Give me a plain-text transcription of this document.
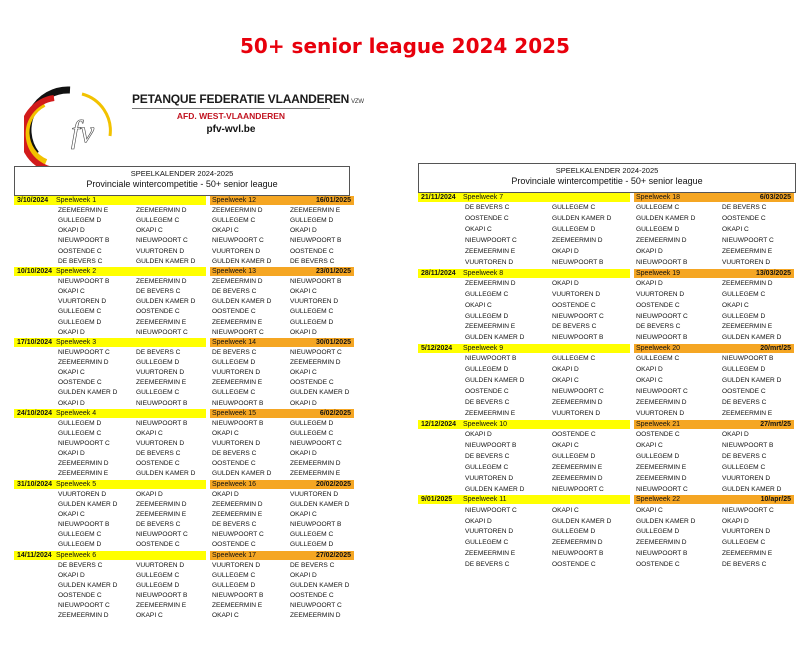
50+ senior league 2024 2025
fv
PETANQUE FEDERATIE VLAANDEREN VZW
AFD. WEST-VLAANDEREN
pfv-wvl.be
SPEELKALENDER 2024-2025
Provinciale wintercompetitie - 50+ senior league
3/10/2024 Speelweek 1	Speelweek 12	16/01/2025
ZEEMEERMIN E	ZEEMEERMIN D	ZEEMEERMIN D	ZEEMEERMIN E
GULLEGEM D	GULLEGEM C	GULLEGEM C	GULLEGEM D
OKAPI D	OKAPI C	OKAPI C	OKAPI D
NIEUWPOORT B	NIEUWPOORT C	NIEUWPOORT C	NIEUWPOORT B
OOSTENDE C	VUURTOREN D	VUURTOREN D	OOSTENDE C
DE BEVERS C	GULDEN KAMER D	GULDEN KAMER D	DE BEVERS C
10/10/2024 Speelweek 2	Speelweek 13	23/01/2025
NIEUWPOORT B	ZEEMEERMIN D	ZEEMEERMIN D	NIEUWPOORT B
OKAPI C	DE BEVERS C	DE BEVERS C	OKAPI C
VUURTOREN D	GULDEN KAMER D	GULDEN KAMER D	VUURTOREN D
GULLEGEM C	OOSTENDE C	OOSTENDE C	GULLEGEM C
GULLEGEM D	ZEEMEERMIN E	ZEEMEERMIN E	GULLEGEM D
OKAPI D	NIEUWPOORT C	NIEUWPOORT C	OKAPI D
17/10/2024 Speelweek 3	Speelweek 14	30/01/2025
NIEUWPOORT C	DE BEVERS C	DE BEVERS C	NIEUWPOORT C
ZEEMEERMIN D	GULLEGEM D	GULLEGEM D	ZEEMEERMIN D
OKAPI C	VUURTOREN D	VUURTOREN D	OKAPI C
OOSTENDE C	ZEEMEERMIN E	ZEEMEERMIN E	OOSTENDE C
GULDEN KAMER D	GULLEGEM C	GULLEGEM C	GULDEN KAMER D
OKAPI D	NIEUWPOORT B	NIEUWPOORT B	OKAPI D
24/10/2024 Speelweek 4	Speelweek 15	6/02/2025
GULLEGEM D	NIEUWPOORT B	NIEUWPOORT B	GULLEGEM D
GULLEGEM C	OKAPI C	OKAPI C	GULLEGEM C
NIEUWPOORT C	VUURTOREN D	VUURTOREN D	NIEUWPOORT C
OKAPI D	DE BEVERS C	DE BEVERS C	OKAPI D
ZEEMEERMIN D	OOSTENDE C	OOSTENDE C	ZEEMEERMIN D
ZEEMEERMIN E	GULDEN KAMER D	GULDEN KAMER D	ZEEMEERMIN E
31/10/2024 Speelweek 5	Speelweek 16	20/02/2025
VUURTOREN D	OKAPI D	OKAPI D	VUURTOREN D
GULDEN KAMER D	ZEEMEERMIN D	ZEEMEERMIN D	GULDEN KAMER D
OKAPI C	ZEEMEERMIN E	ZEEMEERMIN E	OKAPI C
NIEUWPOORT B	DE BEVERS C	DE BEVERS C	NIEUWPOORT B
GULLEGEM C	NIEUWPOORT C	NIEUWPOORT C	GULLEGEM C
GULLEGEM D	OOSTENDE C	OOSTENDE C	GULLEGEM D
14/11/2024 Speelweek 6	Speelweek 17	27/02/2025
DE BEVERS C	VUURTOREN D	VUURTOREN D	DE BEVERS C
OKAPI D	GULLEGEM C	GULLEGEM C	OKAPI D
GULDEN KAMER D	GULLEGEM D	GULLEGEM D	GULDEN KAMER D
OOSTENDE C	NIEUWPOORT B	NIEUWPOORT B	OOSTENDE C
NIEUWPOORT C	ZEEMEERMIN E	ZEEMEERMIN E	NIEUWPOORT C
ZEEMEERMIN D	OKAPI C	OKAPI C	ZEEMEERMIN D
SPEELKALENDER 2024-2025
Provinciale wintercompetitie - 50+ senior league
21/11/2024 Speelweek 7	Speelweek 18	6/03/2025
DE BEVERS C	GULLEGEM C	GULLEGEM C	DE BEVERS C
OOSTENDE C	GULDEN KAMER D	GULDEN KAMER D	OOSTENDE C
OKAPI C	GULLEGEM D	GULLEGEM D	OKAPI C
NIEUWPOORT C	ZEEMEERMIN D	ZEEMEERMIN D	NIEUWPOORT C
ZEEMEERMIN E	OKAPI D	OKAPI D	ZEEMEERMIN E
VUURTOREN D	NIEUWPOORT B	NIEUWPOORT B	VUURTOREN D
28/11/2024 Speelweek 8	Speelweek 19	13/03/2025
ZEEMEERMIN D	OKAPI D	OKAPI D	ZEEMEERMIN D
GULLEGEM C	VUURTOREN D	VUURTOREN D	GULLEGEM C
OKAPI C	OOSTENDE C	OOSTENDE C	OKAPI C
GULLEGEM D	NIEUWPOORT C	NIEUWPOORT C	GULLEGEM D
ZEEMEERMIN E	DE BEVERS C	DE BEVERS C	ZEEMEERMIN E
GULDEN KAMER D	NIEUWPOORT B	NIEUWPOORT B	GULDEN KAMER D
5/12/2024 Speelweek 9	Speelweek 20	20/mrt/25
NIEUWPOORT B	GULLEGEM C	GULLEGEM C	NIEUWPOORT B
GULLEGEM D	OKAPI D	OKAPI D	GULLEGEM D
GULDEN KAMER D	OKAPI C	OKAPI C	GULDEN KAMER D
OOSTENDE C	NIEUWPOORT C	NIEUWPOORT C	OOSTENDE C
DE BEVERS C	ZEEMEERMIN D	ZEEMEERMIN D	DE BEVERS C
ZEEMEERMIN E	VUURTOREN D	VUURTOREN D	ZEEMEERMIN E
12/12/2024 Speelweek 10	Speelweek 21	27/mrt/25
OKAPI D	OOSTENDE C	OOSTENDE C	OKAPI D
NIEUWPOORT B	OKAPI C	OKAPI C	NIEUWPOORT B
DE BEVERS C	GULLEGEM D	GULLEGEM D	DE BEVERS C
GULLEGEM C	ZEEMEERMIN E	ZEEMEERMIN E	GULLEGEM C
VUURTOREN D	ZEEMEERMIN D	ZEEMEERMIN D	VUURTOREN D
GULDEN KAMER D	NIEUWPOORT C	NIEUWPOORT C	GULDEN KAMER D
9/01/2025 Speelweek 11	Speelweek 22	10/apr/25
NIEUWPOORT C	OKAPI C	OKAPI C	NIEUWPOORT C
OKAPI D	GULDEN KAMER D	GULDEN KAMER D	OKAPI D
VUURTOREN D	GULLEGEM D	GULLEGEM D	VUURTOREN D
GULLEGEM C	ZEEMEERMIN D	ZEEMEERMIN D	GULLEGEM C
ZEEMEERMIN E	NIEUWPOORT B	NIEUWPOORT B	ZEEMEERMIN E
DE BEVERS C	OOSTENDE C	OOSTENDE C	DE BEVERS C
